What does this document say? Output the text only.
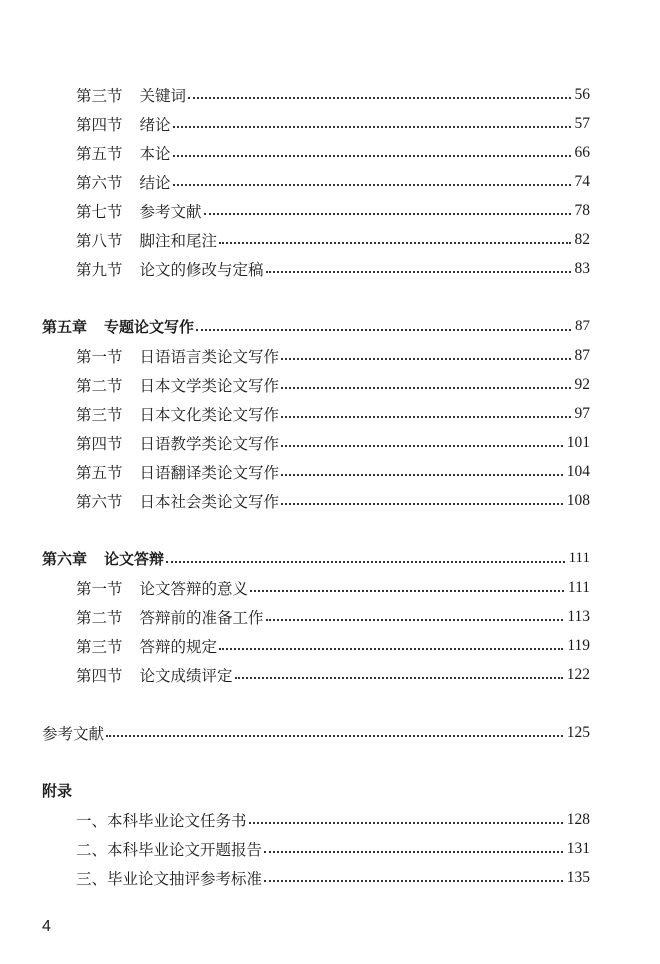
第三节 关键词	56
第四节 绪论	57
第五节 本论	66
第六节 结论	74
第七节 参考文献	78
第八节 脚注和尾注	82
第九节 论文的修改与定稿	83
第五章 专题论文写作	87
第一节 日语语言类论文写作	87
第二节 日本文学类论文写作	92
第三节 日本文化类论文写作	97
第四节 日语教学类论文写作	101
第五节 日语翻译类论文写作	104
第六节 日本社会类论文写作	108
第六章 论文答辩	111
第一节 论文答辩的意义	111
第二节 答辩前的准备工作	113
第三节 答辩的规定	119
第四节 论文成绩评定	122
参考文献	125
附录
一、本科毕业论文任务书	128
二、本科毕业论文开题报告	131
三、毕业论文抽评参考标准	135
4
